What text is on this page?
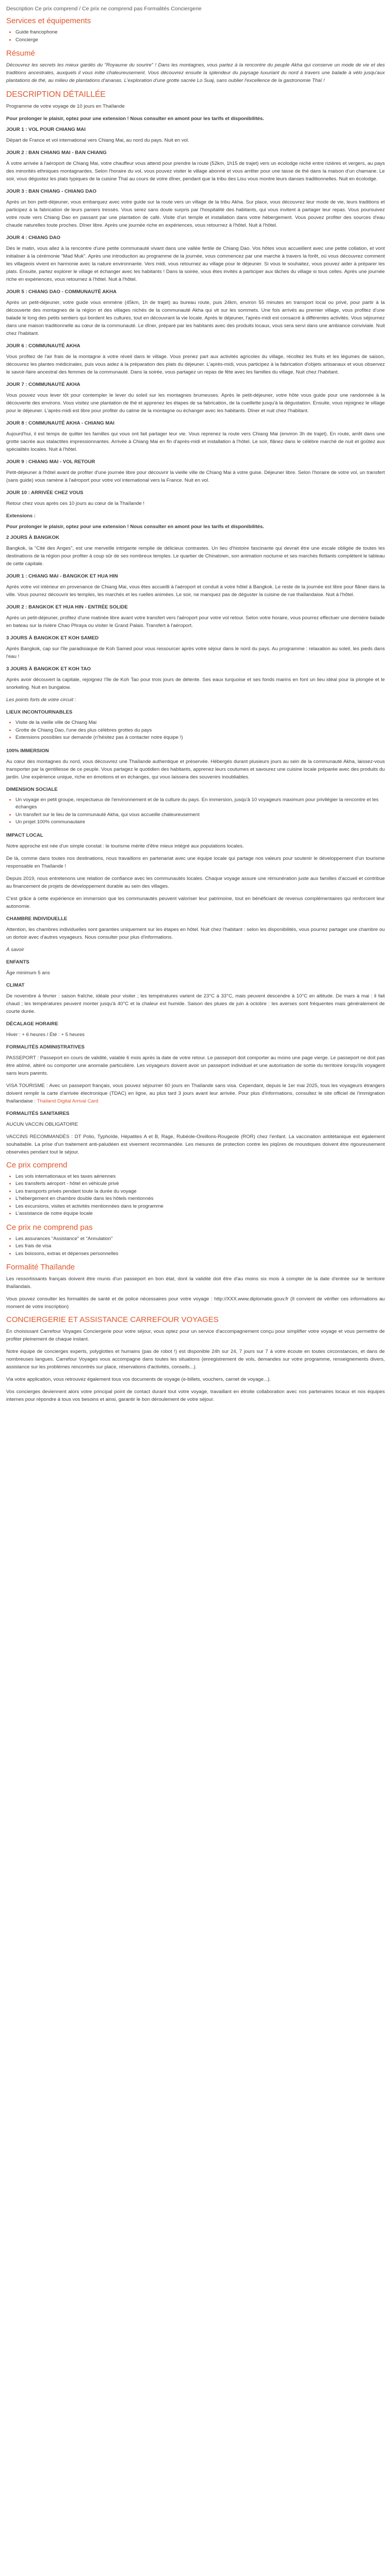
Description Ce prix comprend / Ce prix ne comprend pas Formalités Conciergerie
Services et équipements
• Guide francophone
• Concierge
Résumé

Découvrez les secrets les mieux gardés du "Royaume du sourire" ! Dans les montagnes, vous partez à la rencontre du peuple Akha qui conserve un mode de vie et des traditions ancestrales, auxquels il vous initie chaleureusement. Vous découvrez ensuite la splendeur du paysage luxuriant du nord à travers une balade à vélo jusqu'aux plantations de thé, au milieu de plantations d'ananas. L'exploration d'une grotte sacrée Lo Suaj, sans oublier l'excellence de la gastronomie Thaï !

DESCRIPTION DÉTAILLÉE

Programme de votre voyage de 10 jours en Thaïlande

Pour prolonger le plaisir, optez pour une extension ! Nous consulter en amont pour les tarifs et disponibilités.

JOUR 1 : VOL POUR CHIANG MAI

Départ de France et vol international vers Chiang Mai, au nord du pays. Nuit en vol.

JOUR 2 : BAN CHIANG MAI - BAN CHIANG

À votre arrivée à l'aéroport de Chiang Mai, votre chauffeur vous attend pour prendre la route (52km, 1h15 de trajet) vers un ecolodge niché entre rizières et vergers, au pays des minorités ethniques montagnardes. Selon l'horaire du vol, vous pouvez visiter le village abonné et vous arrêter pour une tasse de thé dans la maison d'un chamane. Le soir, vous dégustez les plats typiques de la cuisine Thaï au cours de votre dîner, pendant que la tribu des Lisu vous montre leurs danses traditionnelles. Nuit en écolodge.

JOUR 3 : BAN CHIANG - CHIANG DAO

Après un bon petit-déjeuner, vous embarquez avec votre guide sur la route vers un village de la tribu Akha. Sur place, vous découvrez leur mode de vie, leurs traditions et participez à la fabrication de leurs paniers tressés. Vous serez sans doute surpris par l'hospitalité des habitants, qui vous invitent à partager leur repas. Vous poursuivez votre route vers Chiang Dao en passant par une plantation de café. Visite d'un temple et installation dans votre hébergement. Vous pouvez profiter des sources d'eau chaude naturelles toute proches. Dîner libre. Après une journée riche en expériences, vous retournez à l'hôtel. Nuit à l'hôtel.

JOUR 4 : CHIANG DAO

Dès le matin, vous allez à la rencontre d'une petite communauté vivant dans une vallée fertile de Chiang Dao. Vos hôtes vous accueillent avec une petite collation, et vont initialiser à la cérémonie "Mad Muk". Après une introduction au programme de la journée, vous commencez par une marche à travers la forêt, où vous découvrez comment les villageois vivent en harmonie avec la nature environnante. Vers midi, vous retournez au village pour le déjeuner. Si vous le souhaitez, vous pouvez aider à préparer les plats. Ensuite, partez explorer le village et échanger avec les habitants ! Dans la soirée, vous êtes invités à participer aux tâches du village si tous celles. Après une journée riche en expériences, vous retournez à l'hôtel. Nuit à l'hôtel.

JOUR 5 : CHIANG DAO - COMMUNAUTÉ AKHA

Après un petit-déjeuner, votre guide vous emmène (45km, 1h de trajet) au bureau route, puis 24km, environ 55 minutes en transport local ou privé, pour partir à la découverte des montagnes de la région et des villages nichés de la communauté Akha qui vit sur les sommets. Une fois arrivés au premier village, vous profitez d'une balade le long des petits sentiers qui bordent les cultures, tout en découvrant la vie locale. Après le déjeuner, l'après-midi est consacré à différentes activités. Vous séjournez dans une maison traditionnelle au cœur de la communauté. Le dîner, préparé par les habitants avec des produits locaux, vous sera servi dans une ambiance conviviale. Nuit chez l'habitant.

JOUR 6 : COMMUNAUTÉ AKHA

Vous profitez de l'air frais de la montagne à votre réveil dans le village. Vous prenez part aux activités agricoles du village, récoltez les fruits et les légumes de saison, découvrez les plantes médicinales, puis vous aidez à la préparation des plats du déjeuner. L'après-midi, vous participez à la fabrication d'objets artisanaux et vous observez le savoir-faire ancestral des femmes de la communauté. Dans la soirée, vous partagez un repas de fête avec les familles du village. Nuit chez l'habitant.

JOUR 7 : COMMUNAUTÉ AKHA

Vous pouvez vous lever tôt pour contempler le lever du soleil sur les montagnes brumeuses. Après le petit-déjeuner, votre hôte vous guide pour une randonnée à la découverte des environs. Vous visitez une plantation de thé et apprenez les étapes de sa fabrication, de la cueillette jusqu'à la dégustation. Ensuite, vous rejoignez le village pour le déjeuner. L'après-midi est libre pour profiter du calme de la montagne ou échanger avec les habitants. Dîner et nuit chez l'habitant.

JOUR 8 : COMMUNAUTÉ AKHA - CHIANG MAI

Aujourd'hui, il est temps de quitter les familles qui vous ont fait partager leur vie. Vous reprenez la route vers Chiang Mai (environ 3h de trajet). En route, arrêt dans une grotte sacrée aux stalactites impressionnantes. Arrivée à Chiang Mai en fin d'après-midi et installation à l'hôtel. Le soir, flânez dans le célèbre marché de nuit et goûtez aux spécialités locales. Nuit à l'hôtel.

JOUR 9 : CHIANG MAI - VOL RETOUR

Petit-déjeuner à l'hôtel avant de profiter d'une journée libre pour découvrir la vieille ville de Chiang Mai à votre guise. Déjeuner libre. Selon l'horaire de votre vol, un transfert (sans guide) vous ramène à l'aéroport pour votre vol international vers la France. Nuit en vol.

JOUR 10 : ARRIVÉE CHEZ VOUS

Retour chez vous après ces 10 jours au cœur de la Thaïlande !

Extensions :

Pour prolonger le plaisir, optez pour une extension ! Nous consulter en amont pour les tarifs et disponibilités.

2 JOURS À BANGKOK

Bangkok, la "Cité des Anges", est une merveille intrigante remplie de délicieux contrastes. Un lieu d'histoire fascinante qui devrait être une escale obligée de toutes les destinations de la région pour profiter à coup sûr de ses nombreux temples. Le quartier de Chinatown, son animation nocturne et ses marchés flottants complètent le tableau de cette capitale.

JOUR 1 : CHIANG MAI - BANGKOK ET HUA HIN

Après votre vol intérieur en provenance de Chiang Mai, vous êtes accueilli à l'aéroport et conduit à votre hôtel à Bangkok. Le reste de la journée est libre pour flâner dans la ville. Vous pourrez découvrir les temples, les marchés et les ruelles animées. Le soir, ne manquez pas de déguster la cuisine de rue thaïlandaise. Nuit à l'hôtel.

JOUR 2 : BANGKOK ET HUA HIN - ENTRÉE SOLIDE

Après un petit-déjeuner, profitez d'une matinée libre avant votre transfert vers l'aéroport pour votre vol retour. Selon votre horaire, vous pourrez effectuer une dernière balade en bateau sur la rivière Chao Phraya ou visiter le Grand Palais. Transfert à l'aéroport.

3 JOURS À BANGKOK ET KOH SAMED

Après Bangkok, cap sur l'île paradisiaque de Koh Samed pour vous ressourcer après votre séjour dans le nord du pays. Au programme : relaxation au soleil, les pieds dans l'eau !

3 JOURS À BANGKOK ET KOH TAO

Après avoir découvert la capitale, rejoignez l'île de Koh Tao pour trois jours de détente. Ses eaux turquoise et ses fonds marins en font un lieu idéal pour la plongée et le snorkeling. Nuit en bungalow.

Les points forts de votre circuit :

LIEUX INCONTOURNABLES

• Visite de la vieille ville de Chiang Mai
• Grotte de Chiang Dao, l'une des plus célèbres grottes du pays
• Extensions possibles sur demande (n'hésitez pas à contacter notre équipe !)

100% IMMERSION

Au cœur des montagnes du nord, vous découvrez une Thaïlande authentique et préservée. Hébergés durant plusieurs jours au sein de la communauté Akha, laissez-vous transporter par la gentillesse de ce peuple. Vous partagez le quotidien des habitants, apprenez leurs coutumes et savourez une cuisine locale préparée avec des produits du jardin. Une expérience unique, riche en émotions et en échanges, qui vous laissera des souvenirs inoubliables.

DIMENSION SOCIALE

• Un voyage en petit groupe, respectueux de l'environnement et de la culture du pays. En immersion, jusqu'à 10 voyageurs maximum pour privilégier la rencontre et les échanges
• Un transfert sur le lieu de la communauté Akha, qui vous accueille chaleureusement
• Un projet 100% communautaire

IMPACT LOCAL

Notre approche est née d'un simple constat : le tourisme mérite d'être mieux intégré aux populations locales.

De là, comme dans toutes nos destinations, nous travaillons en partenariat avec une équipe locale qui partage nos valeurs pour soutenir le développement d'un tourisme responsable en Thaïlande !

Depuis 2019, nous entretenons une relation de confiance avec les communautés locales. Chaque voyage assure une rémunération juste aux familles d'accueil et contribue au financement de projets de développement durable au sein des villages.

C'est grâce à cette expérience en immersion que les communautés peuvent valoriser leur patrimoine, tout en bénéficiant de revenus complémentaires qui renforcent leur autonomie.

CHAMBRE INDIVIDUELLE

Attention, les chambres individuelles sont garanties uniquement sur les étapes en hôtel. Nuit chez l'habitant : selon les disponibilités, vous pourrez partager une chambre ou un dortoir avec d'autres voyageurs. Nous consulter pour plus d'informations.

À savoir

ENFANTS

Âge minimum 5 ans

CLIMAT

De novembre à février : saison fraîche, idéale pour visiter ; les températures varient de 23°C à 33°C, mais peuvent descendre à 10°C en altitude. De mars à mai : il fait chaud ; les températures peuvent monter jusqu'à 40°C et la chaleur est humide. Saison des pluies de juin à octobre : les averses sont fréquentes mais généralement de courte durée.

DÉCALAGE HORAIRE

Hiver : + 6 heures / Été : + 5 heures

FORMALITÉS ADMINISTRATIVES

PASSEPORT : Passeport en cours de validité, valable 6 mois après la date de votre retour. Le passeport doit comporter au moins une page vierge. Le passeport ne doit pas être abîmé, altéré ou comporter une anomalie particulière. Les voyageurs doivent avoir un passeport individuel et une autorisation de sortie du territoire lorsqu'ils voyagent sans leurs parents.

VISA TOURISME : Avec un passeport français, vous pouvez séjourner 60 jours en Thaïlande sans visa. Cependant, depuis le 1er mai 2025, tous les voyageurs étrangers doivent remplir la carte d'arrivée électronique (TDAC) en ligne, au plus tard 3 jours avant leur arrivée. Pour plus d'informations, consultez le site officiel de l'immigration thaïlandaise : Thailand Digital Arrival Card

FORMALITÉS SANITAIRES

AUCUN VACCIN OBLIGATOIRE

VACCINS RECOMMANDÉS : DT Polio, Typhoïde, Hépatites A et B, Rage, Rubéole-Oreillons-Rougeole (ROR) chez l'enfant. La vaccination antitétanique est également souhaitable. La prise d'un traitement anti-paludéen est vivement recommandée. Les mesures de protection contre les piqûres de moustiques doivent être rigoureusement observées pendant tout le séjour.

Ce prix comprend
• Les vols internationaux et les taxes aériennes
• Les transferts aéroport - hôtel en véhicule privé
• Les transports privés pendant toute la durée du voyage
• L'hébergement en chambre double dans les hôtels mentionnés
• Les excursions, visites et activités mentionnées dans le programme
• L'assistance de notre équipe locale
Ce prix ne comprend pas
• Les assurances "Assistance" et "Annulation"
• Les frais de visa
• Les boissons, extras et dépenses personnelles
Formalité Thaïlande

Les ressortissants français doivent être munis d'un passeport en bon état, dont la validité doit être d'au moins six mois à compter de la date d'entrée sur le territoire thaïlandais.

Vous pouvez consulter les formalités de santé et de police nécessaires pour votre voyage : http://XXX.www.diplomatie.gouv.fr (Il convient de vérifier ces informations au moment de votre inscription)

CONCIERGERIE ET ASSISTANCE CARREFOUR VOYAGES

En choisissant Carrefour Voyages Conciergerie pour votre séjour, vous optez pour un service d'accompagnement conçu pour simplifier votre voyage et vous permettre de profiter pleinement de chaque instant.

Notre équipe de concierges experts, polyglottes et humains (pas de robot !) est disponible 24h sur 24, 7 jours sur 7 à votre écoute en toutes circonstances, et dans de nombreuses langues. Carrefour Voyages vous accompagne dans toutes les situations (enregistrement de vols, demandes sur votre programme, renseignements divers, assistance sur les problèmes rencontrés sur place, réservations d'activités, conseils...).

Via votre application, vous retrouvez également tous vos documents de voyage (e-billets, vouchers, carnet de voyage...).

Vos concierges deviennent alors votre principal point de contact durant tout votre voyage, travaillant en étroite collaboration avec nos partenaires locaux et nos équipes internes pour répondre à tous vos besoins et ainsi, garantir le bon déroulement de votre séjour.
